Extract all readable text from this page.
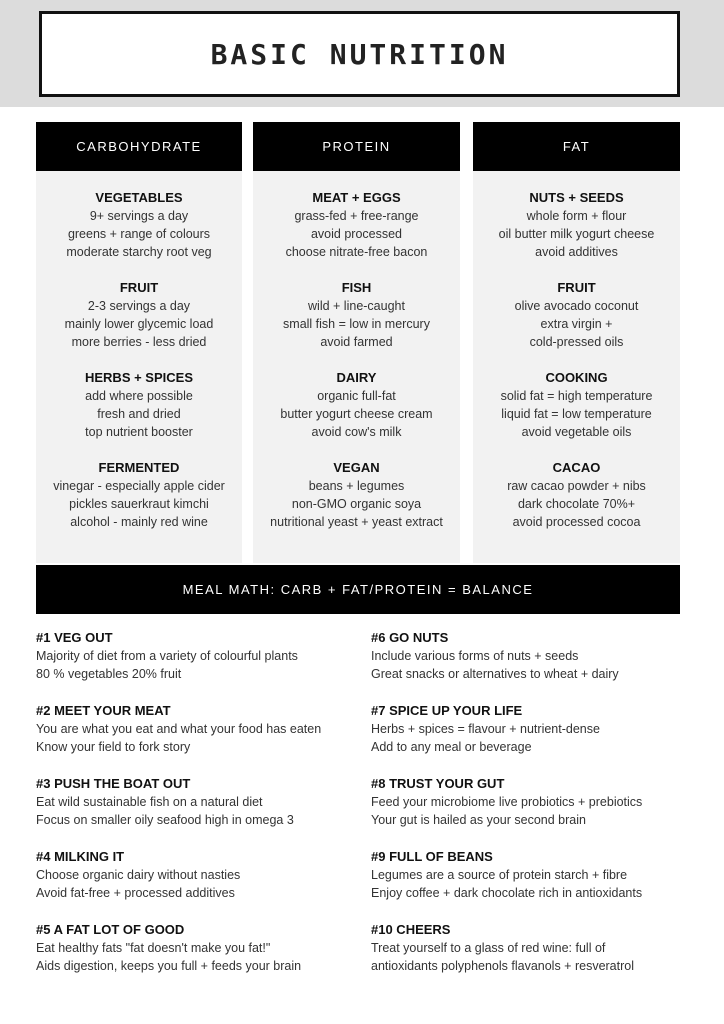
BASIC NUTRITION
CARBOHYDRATE
VEGETABLES
9+ servings a day
greens + range of colours
moderate starchy root veg
FRUIT
2-3 servings a day
mainly lower glycemic load
more berries - less dried
HERBS + SPICES
add where possible
fresh and dried
top nutrient booster
FERMENTED
vinegar - especially apple cider
pickles sauerkraut kimchi
alcohol - mainly red wine
PROTEIN
MEAT + EGGS
grass-fed + free-range
avoid processed
choose nitrate-free bacon
FISH
wild + line-caught
small fish = low in mercury
avoid farmed
DAIRY
organic full-fat
butter yogurt cheese cream
avoid cow's milk
VEGAN
beans + legumes
non-GMO organic soya
nutritional yeast + yeast extract
FAT
NUTS + SEEDS
whole form + flour
oil butter milk yogurt cheese
avoid additives
FRUIT
olive avocado coconut
extra virgin +
cold-pressed oils
COOKING
solid fat = high temperature
liquid fat = low temperature
avoid vegetable oils
CACAO
raw cacao powder + nibs
dark chocolate 70%+
avoid processed cocoa
MEAL MATH: CARB + FAT/PROTEIN = BALANCE
#1 VEG OUT
Majority of diet from a variety of colourful plants
80 % vegetables 20% fruit
#2 MEET YOUR MEAT
You are what you eat and what your food has eaten
Know your field to fork story
#3 PUSH THE BOAT OUT
Eat wild sustainable fish on a natural diet
Focus on smaller oily seafood high in omega 3
#4 MILKING IT
Choose organic dairy without nasties
Avoid fat-free + processed additives
#5 A FAT LOT OF GOOD
Eat healthy fats "fat doesn't make you fat!"
Aids digestion, keeps you full + feeds your brain
#6 GO NUTS
Include various forms of nuts + seeds
Great snacks or alternatives to wheat + dairy
#7 SPICE UP YOUR LIFE
Herbs + spices = flavour + nutrient-dense
Add to any meal or beverage
#8 TRUST YOUR GUT
Feed your microbiome live probiotics + prebiotics
Your gut is hailed as your second brain
#9 FULL OF BEANS
Legumes are a source of protein starch + fibre
Enjoy coffee + dark chocolate rich in antioxidants
#10 CHEERS
Treat yourself to a glass of red wine: full of
antioxidants polyphenols flavanols + resveratrol
